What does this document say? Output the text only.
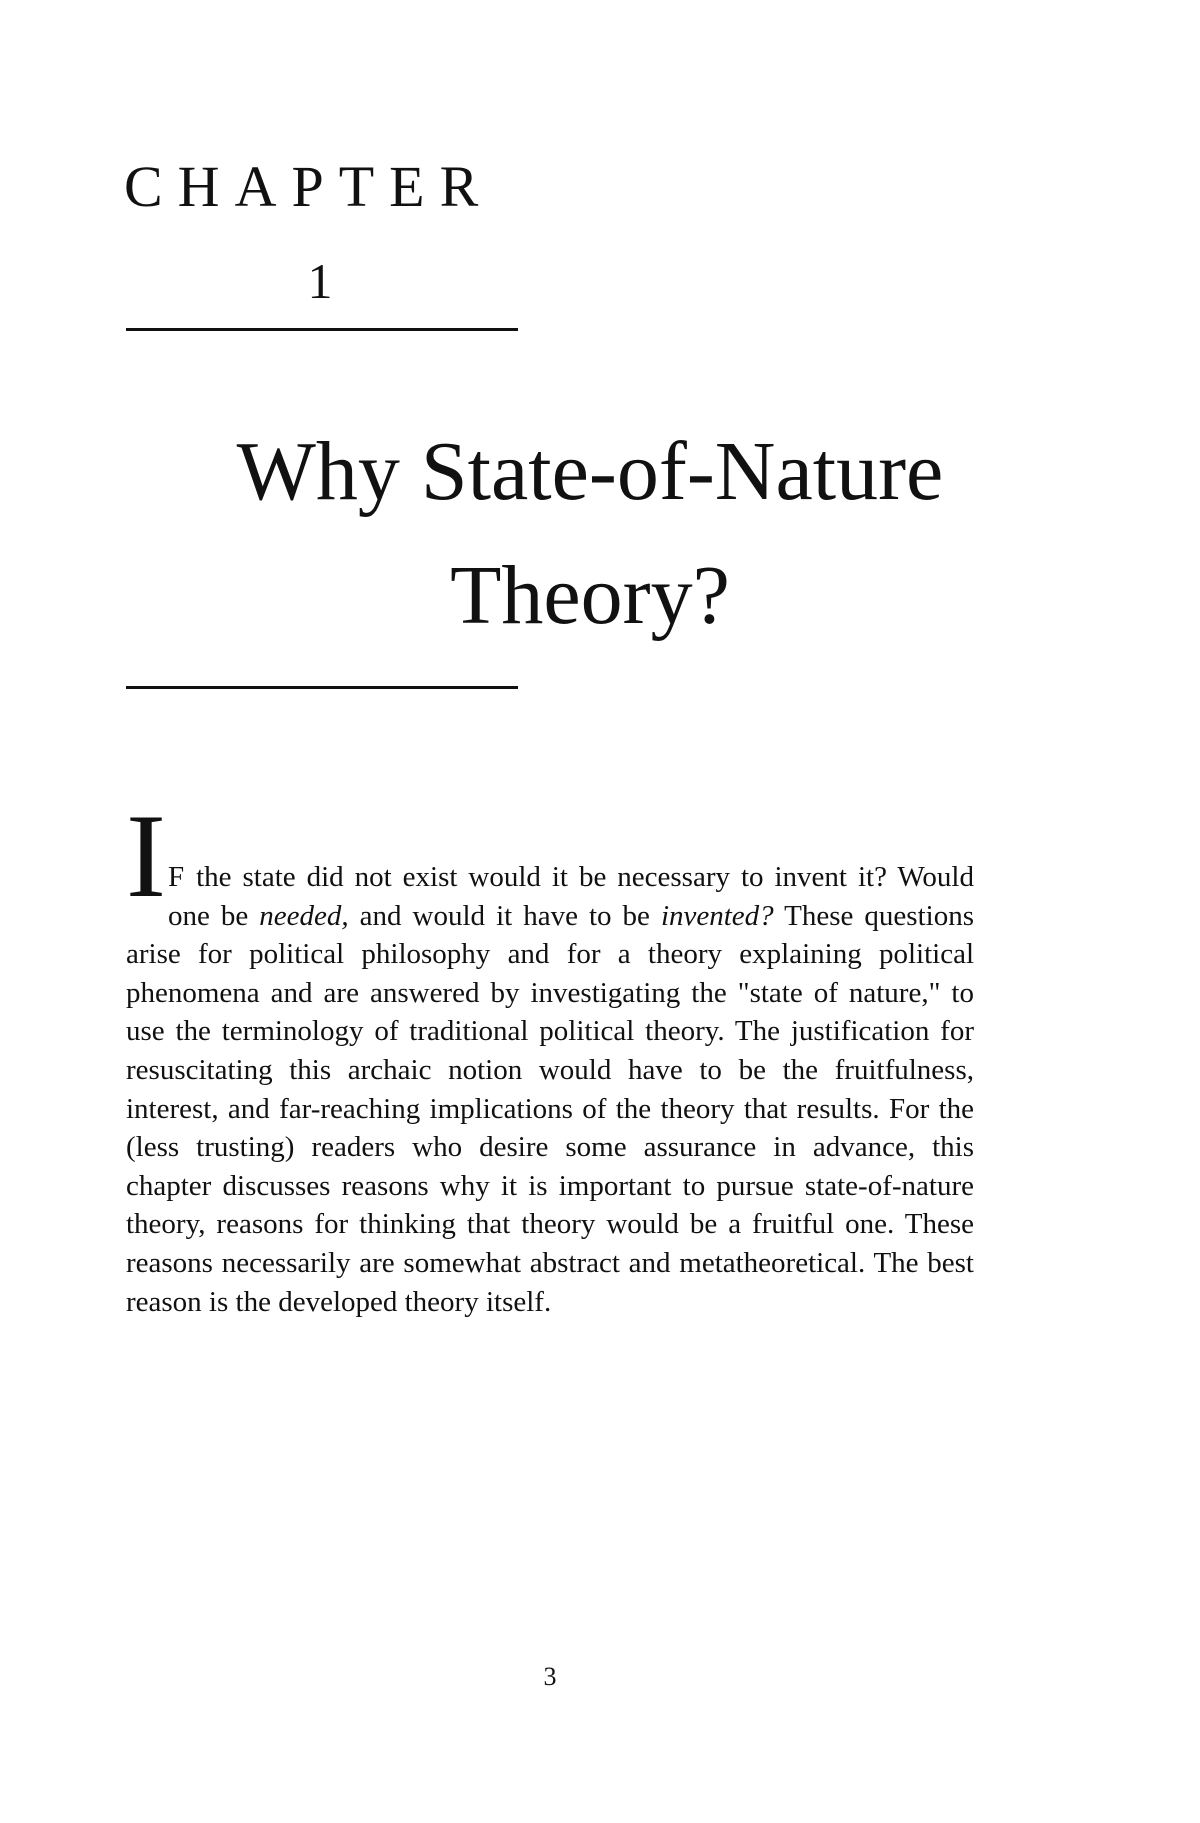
CHAPTER
1
Why State-of-Nature
Theory?

I F the state did not exist would it be necessary to invent it? Would one be needed, and would it have to be invented? These questions arise for political philosophy and for a theory explaining political phenomena and are answered by investigating the "state of nature," to use the terminology of traditional political theory. The justification for resuscitating this archaic notion would have to be the fruitfulness, interest, and far-reaching implications of the theory that results. For the (less trusting) readers who desire some assurance in advance, this chapter discusses reasons why it is important to pursue state-of-nature theory, reasons for thinking that theory would be a fruitful one. These reasons necessarily are somewhat abstract and metatheoretical. The best reason is the developed theory itself.

3
